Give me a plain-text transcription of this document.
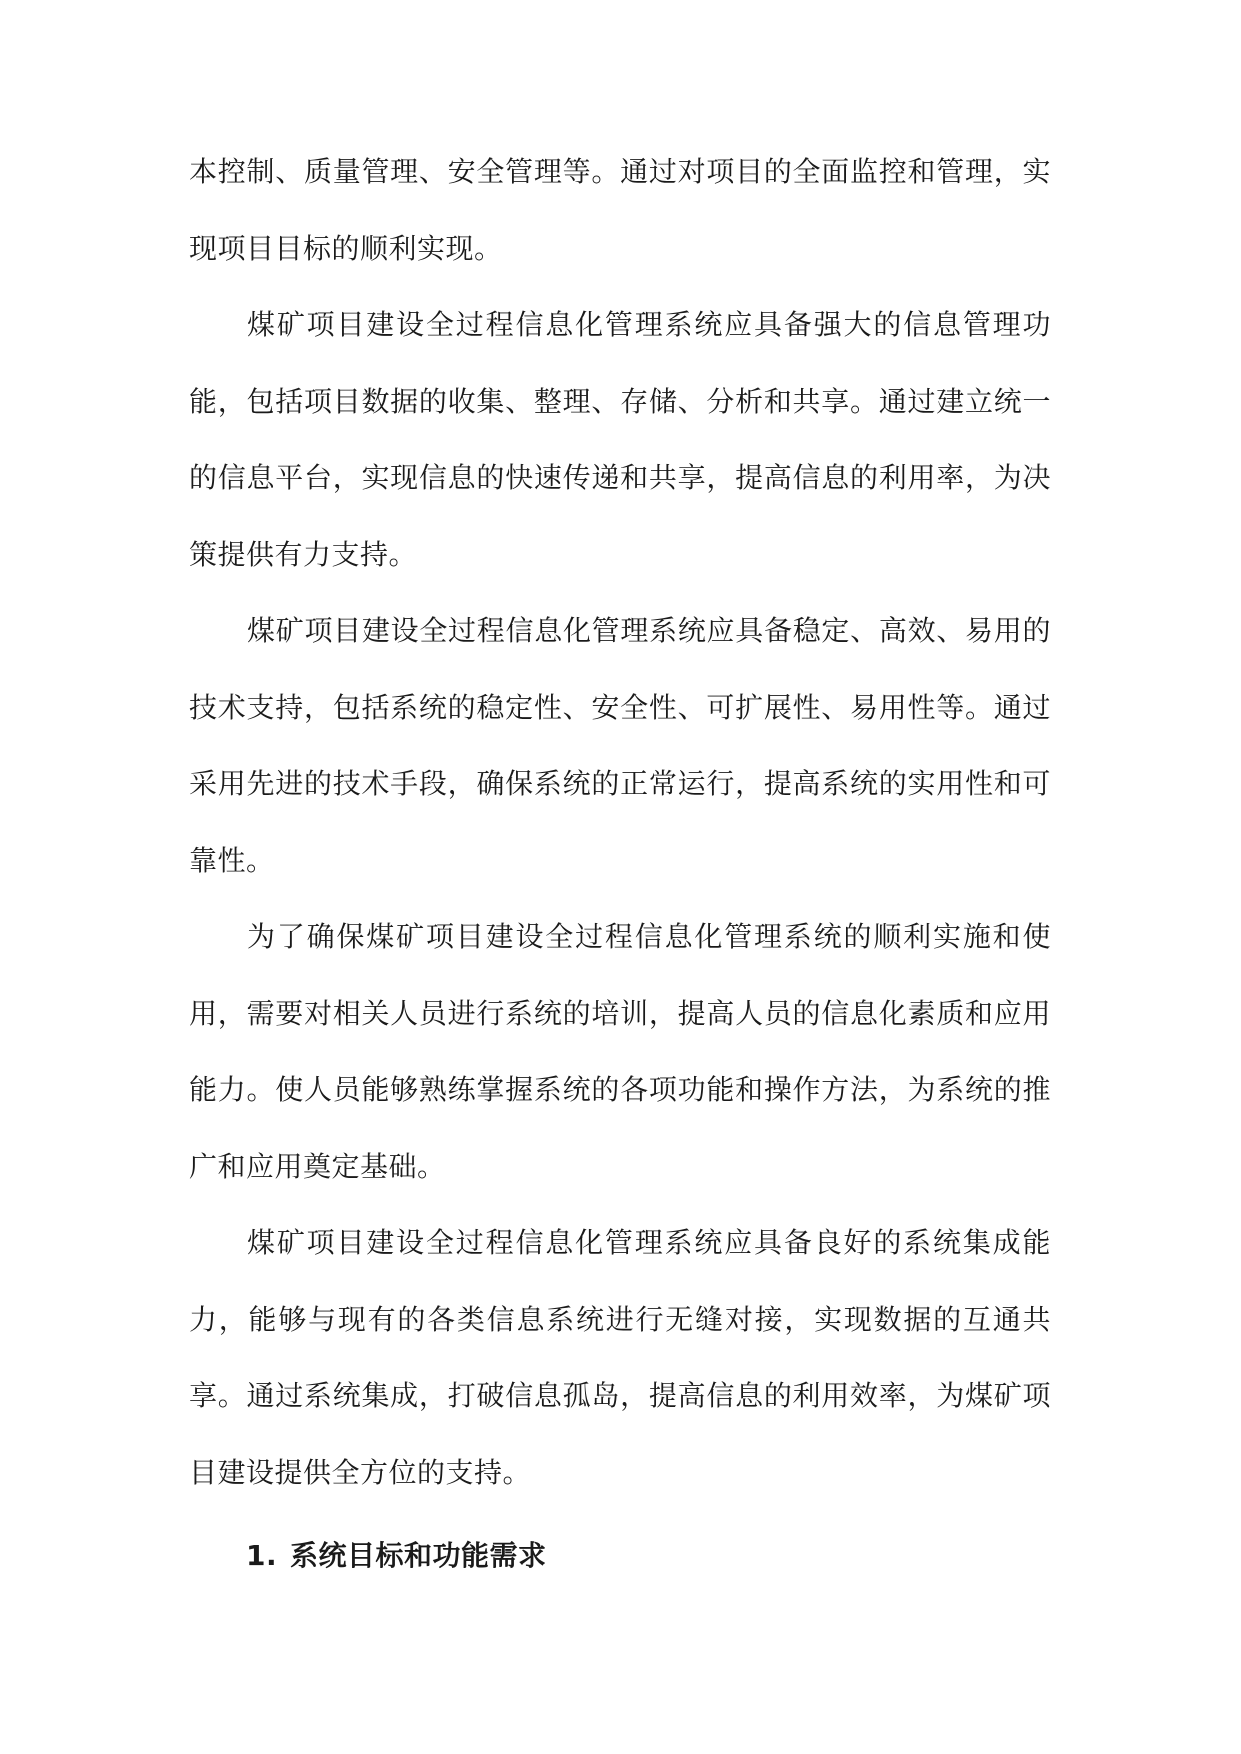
本控制、质量管理、安全管理等。通过对项目的全面监控和管理，实现项目目标的顺利实现。

煤矿项目建设全过程信息化管理系统应具备强大的信息管理功能，包括项目数据的收集、整理、存储、分析和共享。通过建立统一的信息平台，实现信息的快速传递和共享，提高信息的利用率，为决策提供有力支持。

煤矿项目建设全过程信息化管理系统应具备稳定、高效、易用的技术支持，包括系统的稳定性、安全性、可扩展性、易用性等。通过采用先进的技术手段，确保系统的正常运行，提高系统的实用性和可靠性。

为了确保煤矿项目建设全过程信息化管理系统的顺利实施和使用，需要对相关人员进行系统的培训，提高人员的信息化素质和应用能力。使人员能够熟练掌握系统的各项功能和操作方法，为系统的推广和应用奠定基础。

煤矿项目建设全过程信息化管理系统应具备良好的系统集成能力，能够与现有的各类信息系统进行无缝对接，实现数据的互通共享。通过系统集成，打破信息孤岛，提高信息的利用效率，为煤矿项目建设提供全方位的支持。

1. 系统目标和功能需求
